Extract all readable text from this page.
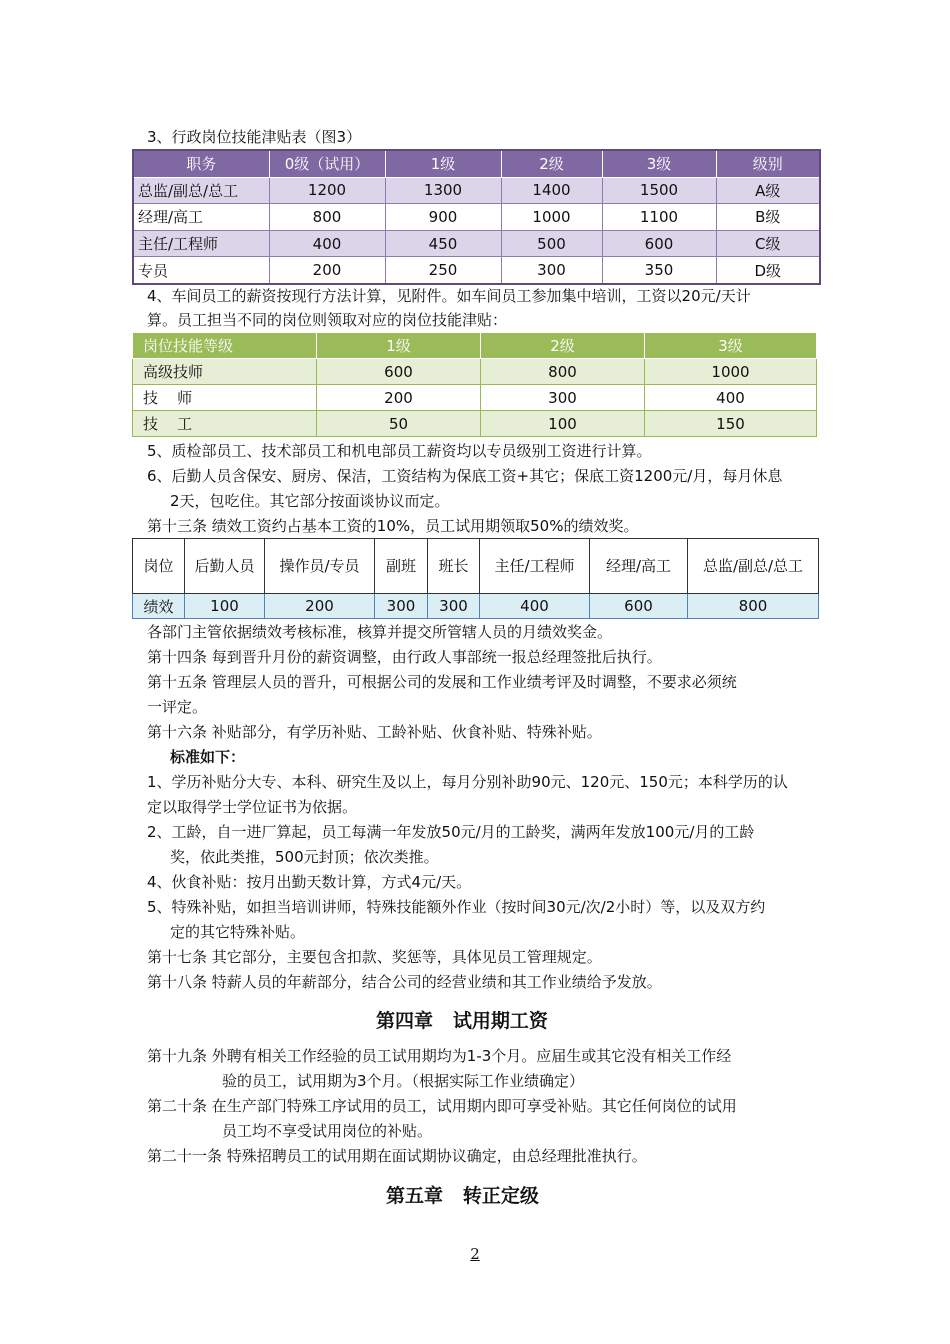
3、行政岗位技能津贴表（图3）
职务	0级（试用）	1级	2级	3级	级别
总监/副总/总工	1200	1300	1400	1500	A级
经理/高工	800	900	1000	1100	B级
主任/工程师	400	450	500	600	C级
专员	200	250	300	350	D级
4、车间员工的薪资按现行方法计算，见附件。如车间员工参加集中培训，工资以20元/天计
算。员工担当不同的岗位则领取对应的岗位技能津贴：
岗位技能等级	1级	2级	3级
高级技师	600	800	1000
技    师	200	300	400
技    工	50	100	150
5、质检部员工、技术部员工和机电部员工薪资均以专员级别工资进行计算。
6、后勤人员含保安、厨房、保洁，工资结构为保底工资+其它；保底工资1200元/月，每月休息
2天，包吃住。其它部分按面谈协议而定。
第十三条 绩效工资约占基本工资的10%，员工试用期领取50%的绩效奖。
岗位	后勤人员	操作员/专员	副班	班长	主任/工程师	经理/高工	总监/副总/总工
绩效	100	200	300	300	400	600	800
各部门主管依据绩效考核标准，核算并提交所管辖人员的月绩效奖金。
第十四条 每到晋升月份的薪资调整，由行政人事部统一报总经理签批后执行。
第十五条 管理层人员的晋升，可根据公司的发展和工作业绩考评及时调整，不要求必须统
一评定。
第十六条 补贴部分，有学历补贴、工龄补贴、伙食补贴、特殊补贴。
标准如下：
1、学历补贴分大专、本科、研究生及以上，每月分别补助90元、120元、150元；本科学历的认
定以取得学士学位证书为依据。
2、工龄，自一进厂算起，员工每满一年发放50元/月的工龄奖，满两年发放100元/月的工龄
奖，依此类推，500元封顶；依次类推。
4、伙食补贴：按月出勤天数计算，方式4元/天。
5、特殊补贴，如担当培训讲师，特殊技能额外作业（按时间30元/次/2小时）等，以及双方约
定的其它特殊补贴。
第十七条 其它部分，主要包含扣款、奖惩等，具体见员工管理规定。
第十八条 特薪人员的年薪部分，结合公司的经营业绩和其工作业绩给予发放。
第四章   试用期工资
第十九条 外聘有相关工作经验的员工试用期均为1-3个月。应届生或其它没有相关工作经
验的员工，试用期为3个月。（根据实际工作业绩确定）
第二十条 在生产部门特殊工序试用的员工，试用期内即可享受补贴。其它任何岗位的试用
员工均不享受试用岗位的补贴。
第二十一条 特殊招聘员工的试用期在面试期协议确定，由总经理批准执行。
第五章   转正定级
2
